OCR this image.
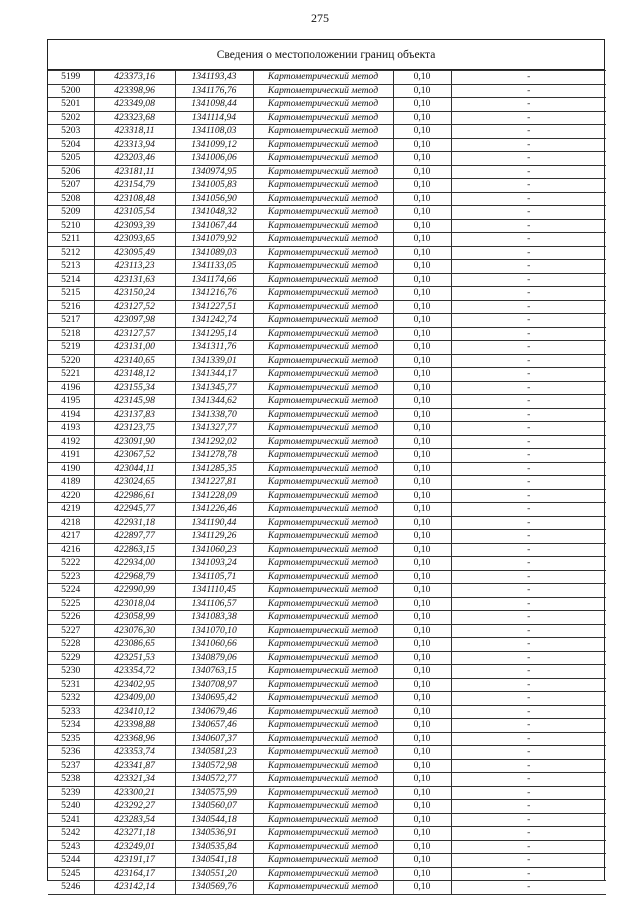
275
Сведения о местоположении границ объекта
5199	423373,16	1341193,43	Картометрический метод	0,10	-
5200	423398,96	1341176,76	Картометрический метод	0,10	-
5201	423349,08	1341098,44	Картометрический метод	0,10	-
5202	423323,68	1341114,94	Картометрический метод	0,10	-
5203	423318,11	1341108,03	Картометрический метод	0,10	-
5204	423313,94	1341099,12	Картометрический метод	0,10	-
5205	423203,46	1341006,06	Картометрический метод	0,10	-
5206	423181,11	1340974,95	Картометрический метод	0,10	-
5207	423154,79	1341005,83	Картометрический метод	0,10	-
5208	423108,48	1341056,90	Картометрический метод	0,10	-
5209	423105,54	1341048,32	Картометрический метод	0,10	-
5210	423093,39	1341067,44	Картометрический метод	0,10	-
5211	423093,65	1341079,92	Картометрический метод	0,10	-
5212	423095,49	1341089,03	Картометрический метод	0,10	-
5213	423113,23	1341133,05	Картометрический метод	0,10	-
5214	423131,63	1341174,66	Картометрический метод	0,10	-
5215	423150,24	1341216,76	Картометрический метод	0,10	-
5216	423127,52	1341227,51	Картометрический метод	0,10	-
5217	423097,98	1341242,74	Картометрический метод	0,10	-
5218	423127,57	1341295,14	Картометрический метод	0,10	-
5219	423131,00	1341311,76	Картометрический метод	0,10	-
5220	423140,65	1341339,01	Картометрический метод	0,10	-
5221	423148,12	1341344,17	Картометрический метод	0,10	-
4196	423155,34	1341345,77	Картометрический метод	0,10	-
4195	423145,98	1341344,62	Картометрический метод	0,10	-
4194	423137,83	1341338,70	Картометрический метод	0,10	-
4193	423123,75	1341327,77	Картометрический метод	0,10	-
4192	423091,90	1341292,02	Картометрический метод	0,10	-
4191	423067,52	1341278,78	Картометрический метод	0,10	-
4190	423044,11	1341285,35	Картометрический метод	0,10	-
4189	423024,65	1341227,81	Картометрический метод	0,10	-
4220	422986,61	1341228,09	Картометрический метод	0,10	-
4219	422945,77	1341226,46	Картометрический метод	0,10	-
4218	422931,18	1341190,44	Картометрический метод	0,10	-
4217	422897,77	1341129,26	Картометрический метод	0,10	-
4216	422863,15	1341060,23	Картометрический метод	0,10	-
5222	422934,00	1341093,24	Картометрический метод	0,10	-
5223	422968,79	1341105,71	Картометрический метод	0,10	-
5224	422990,99	1341110,45	Картометрический метод	0,10	-
5225	423018,04	1341106,57	Картометрический метод	0,10	-
5226	423058,99	1341083,38	Картометрический метод	0,10	-
5227	423076,30	1341070,10	Картометрический метод	0,10	-
5228	423086,65	1341060,66	Картометрический метод	0,10	-
5229	423251,53	1340879,06	Картометрический метод	0,10	-
5230	423354,72	1340763,15	Картометрический метод	0,10	-
5231	423402,95	1340708,97	Картометрический метод	0,10	-
5232	423409,00	1340695,42	Картометрический метод	0,10	-
5233	423410,12	1340679,46	Картометрический метод	0,10	-
5234	423398,88	1340657,46	Картометрический метод	0,10	-
5235	423368,96	1340607,37	Картометрический метод	0,10	-
5236	423353,74	1340581,23	Картометрический метод	0,10	-
5237	423341,87	1340572,98	Картометрический метод	0,10	-
5238	423321,34	1340572,77	Картометрический метод	0,10	-
5239	423300,21	1340575,99	Картометрический метод	0,10	-
5240	423292,27	1340560,07	Картометрический метод	0,10	-
5241	423283,54	1340544,18	Картометрический метод	0,10	-
5242	423271,18	1340536,91	Картометрический метод	0,10	-
5243	423249,01	1340535,84	Картометрический метод	0,10	-
5244	423191,17	1340541,18	Картометрический метод	0,10	-
5245	423164,17	1340551,20	Картометрический метод	0,10	-
5246	423142,14	1340569,76	Картометрический метод	0,10	-
